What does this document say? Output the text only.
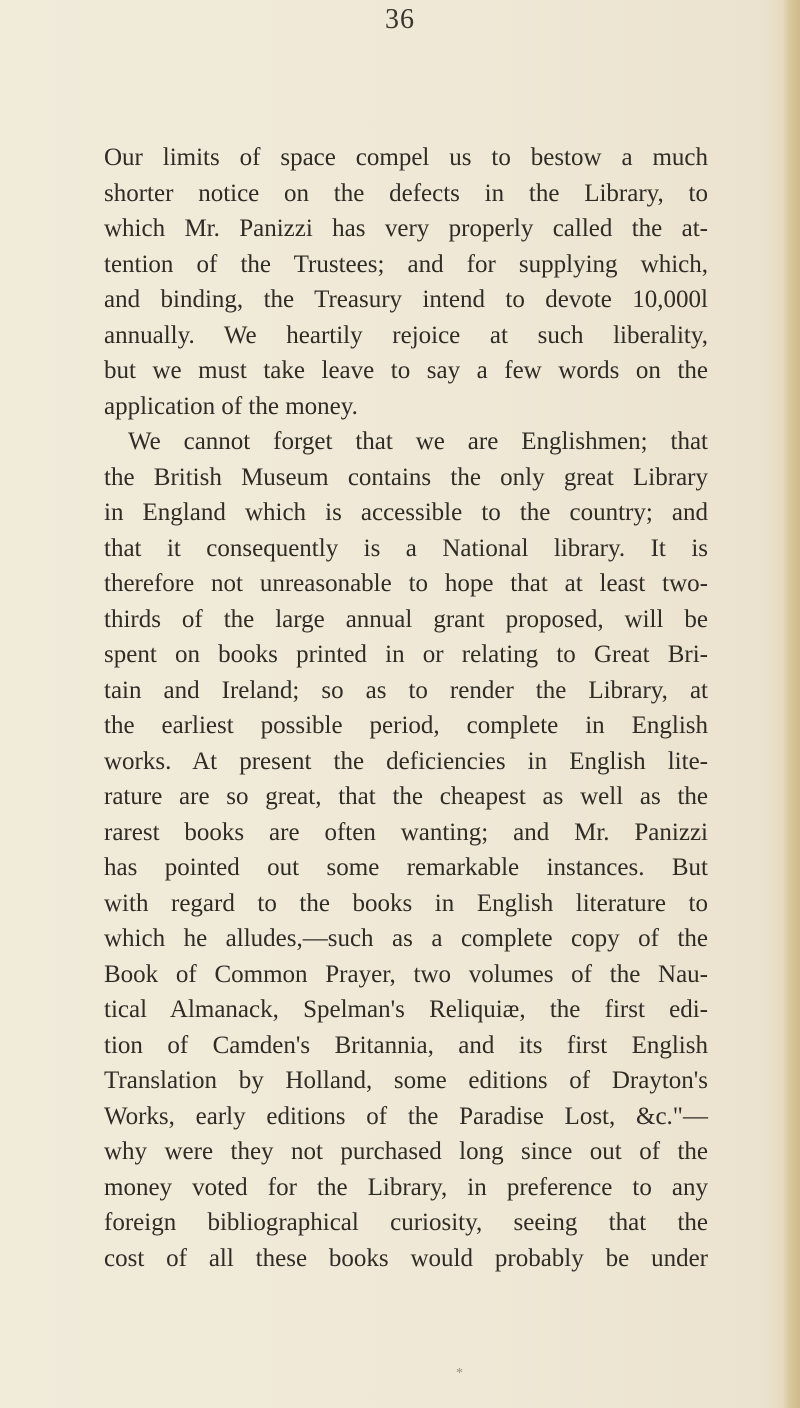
36
Our limits of space compel us to bestow a much
shorter notice on the defects in the Library, to
which Mr. Panizzi has very properly called the at-
tention of the Trustees; and for supplying which,
and binding, the Treasury intend to devote 10,000l
annually. We heartily rejoice at such liberality,
but we must take leave to say a few words on the
application of the money.
We cannot forget that we are Englishmen; that
the British Museum contains the only great Library
in England which is accessible to the country; and
that it consequently is a National library. It is
therefore not unreasonable to hope that at least two-
thirds of the large annual grant proposed, will be
spent on books printed in or relating to Great Bri-
tain and Ireland; so as to render the Library, at
the earliest possible period, complete in English
works. At present the deficiencies in English lite-
rature are so great, that the cheapest as well as the
rarest books are often wanting; and Mr. Panizzi
has pointed out some remarkable instances. But
with regard to the books in English literature to
which he alludes,—such as a complete copy of the
Book of Common Prayer, two volumes of the Nau-
tical Almanack, Spelman's Reliquiæ, the first edi-
tion of Camden's Britannia, and its first English
Translation by Holland, some editions of Drayton's
Works, early editions of the Paradise Lost, &c."—
why were they not purchased long since out of the
money voted for the Library, in preference to any
foreign bibliographical curiosity, seeing that the
cost of all these books would probably be under
*
